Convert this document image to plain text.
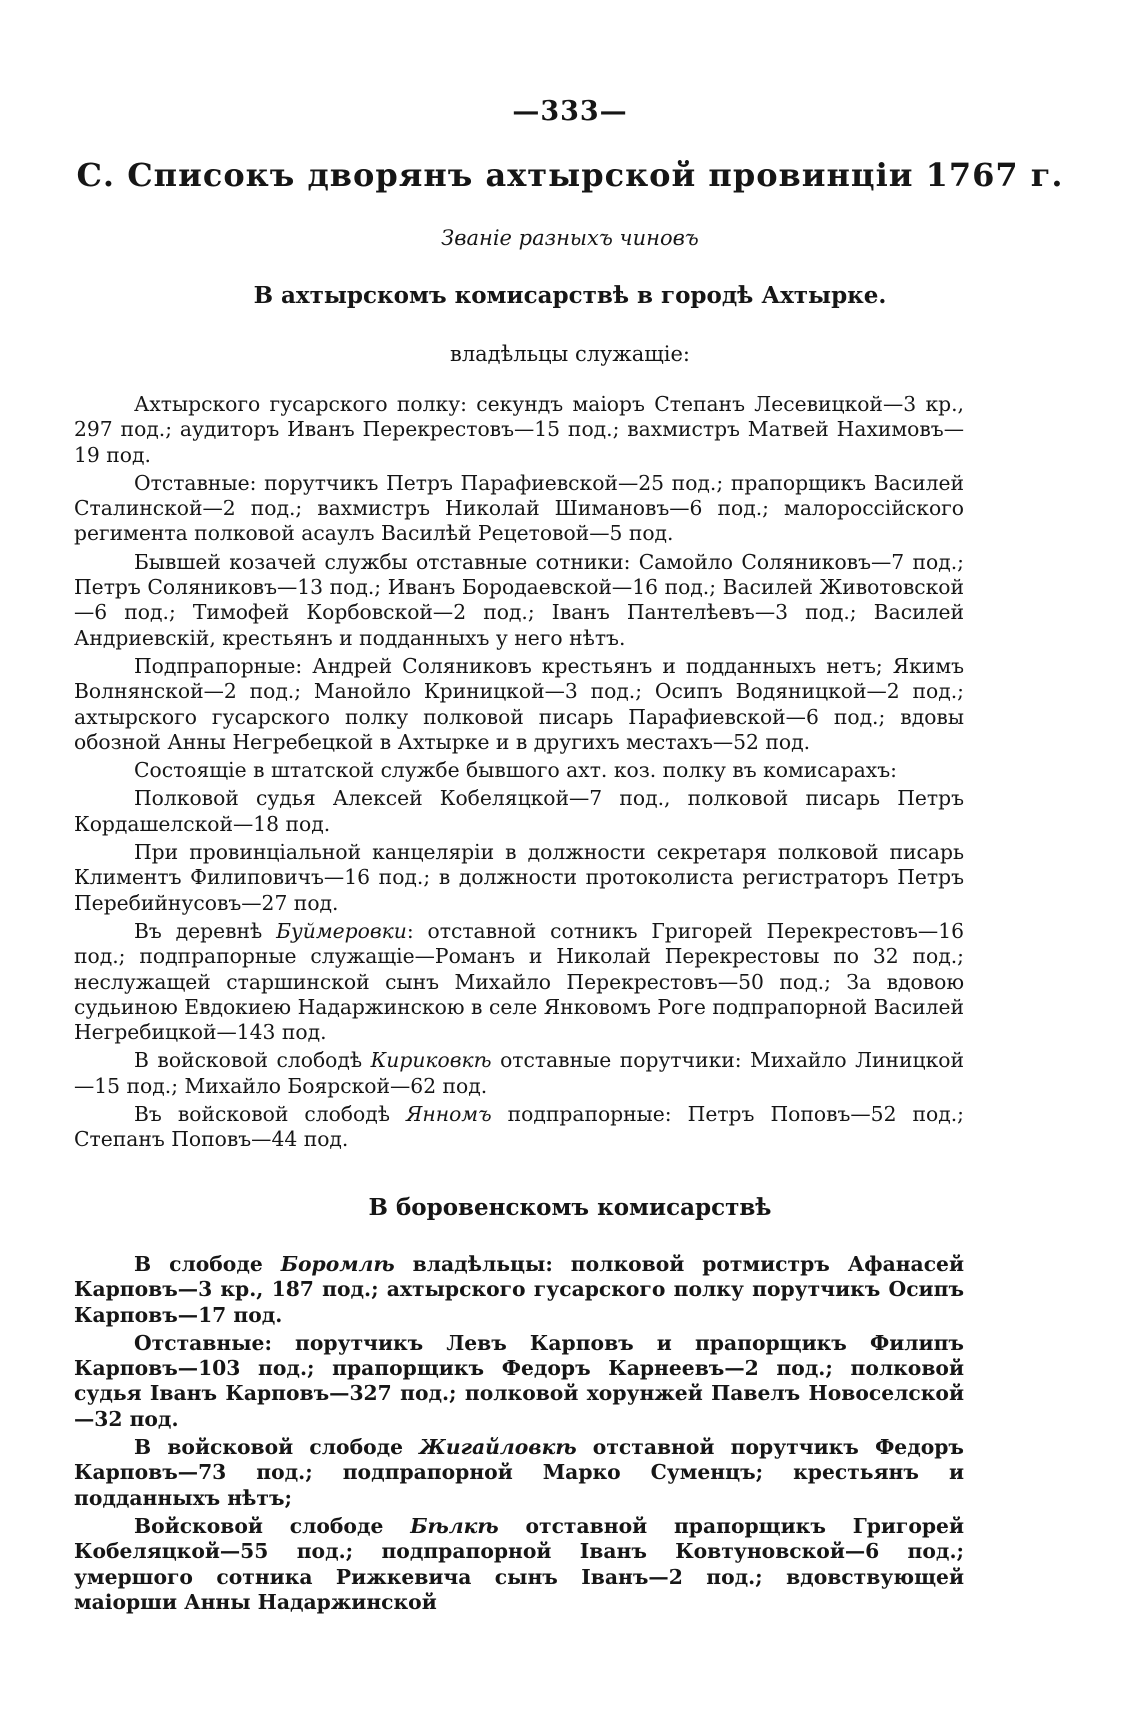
—333—
С. Списокъ дворянъ ахтырской провинціи 1767 г.
Званіе разныхъ чиновъ
В ахтырскомъ комисарствѣ в городѣ Ахтырке.
владѣльцы служащіе:

Ахтырского гусарского полку: секундъ маіоръ Степанъ Лесевицкой—3 кр., 297 под.; аудиторъ Иванъ Перекрестовъ—15 под.; вахмистръ Матвей Нахимовъ—19 под.

Отставные: порутчикъ Петръ Парафиевской—25 под.; прапорщикъ Василей Сталинской—2 под.; вахмистръ Николай Шимановъ—6 под.; малороссійского регимента полковой асаулъ Василѣй Рецетовой—5 под.

Бывшей козачей службы отставные сотники: Самойло Соляниковъ—7 под.; Петръ Соляниковъ—13 под.; Иванъ Бородаевской—16 под.; Василей Животовской—6 под.; Тимофей Корбовской—2 под.; Іванъ Пантелѣевъ—3 под.; Василей Андриевскій, крестьянъ и подданныхъ у него нѣтъ.

Подпрапорные: Андрей Соляниковъ крестьянъ и подданныхъ нетъ; Якимъ Волнянской—2 под.; Манойло Криницкой—3 под.; Осипъ Водяницкой—2 под.; ахтырского гусарского полку полковой писарь Парафиевской—6 под.; вдовы обозной Анны Негребецкой в Ахтырке и в другихъ местахъ—52 под.

Состоящіе в штатской службе бывшого ахт. коз. полку въ комисарахъ:

Полковой судья Алексей Кобеляцкой—7 под., полковой писарь Петръ Кордашелской—18 под.

При провинціальной канцеляріи в должности секретаря полковой писарь Климентъ Филиповичъ—16 под.; в должности протоколиста регистраторъ Петръ Перебийнусовъ—27 под.

Въ деревнѣ Буймеровки: отставной сотникъ Григорей Перекрестовъ—16 под.; подпрапорные служащіе—Романъ и Николай Перекрестовы по 32 под.; неслужащей старшинской сынъ Михайло Перекрестовъ—50 под.; За вдовою судьиною Евдокиею Надаржинскою в селе Янковомъ Роге подпрапорной Василей Негребицкой—143 под.

В войсковой слободѣ Кириковкѣ отставные порутчики: Михайло Линицкой—15 под.; Михайло Боярской—62 под.

Въ войсковой слободѣ Янномъ подпрапорные: Петръ Поповъ—52 под.; Степанъ Поповъ—44 под.

В боровенскомъ комисарствѣ

В слободе Боромлѣ владѣльцы: полковой ротмистръ Афанасей Карповъ—3 кр., 187 под.; ахтырского гусарского полку порутчикъ Осипъ Карповъ—17 под.

Отставные: порутчикъ Левъ Карповъ и прапорщикъ Филипъ Карповъ—103 под.; прапорщикъ Федоръ Карнеевъ—2 под.; полковой судья Іванъ Карповъ—327 под.; полковой хорунжей Павелъ Новоселской—32 под.

В войсковой слободе Жигайловкѣ отставной порутчикъ Федоръ Карповъ—73 под.; подпрапорной Марко Суменцъ; крестьянъ и подданныхъ нѣтъ;

Войсковой слободе Бѣлкѣ отставной прапорщикъ Григорей Кобеляцкой—55 под.; подпрапорной Іванъ Ковтуновской—6 под.; умершого сотника Рижкевича сынъ Іванъ—2 под.; вдовствующей маіорши Анны Надаржинской
